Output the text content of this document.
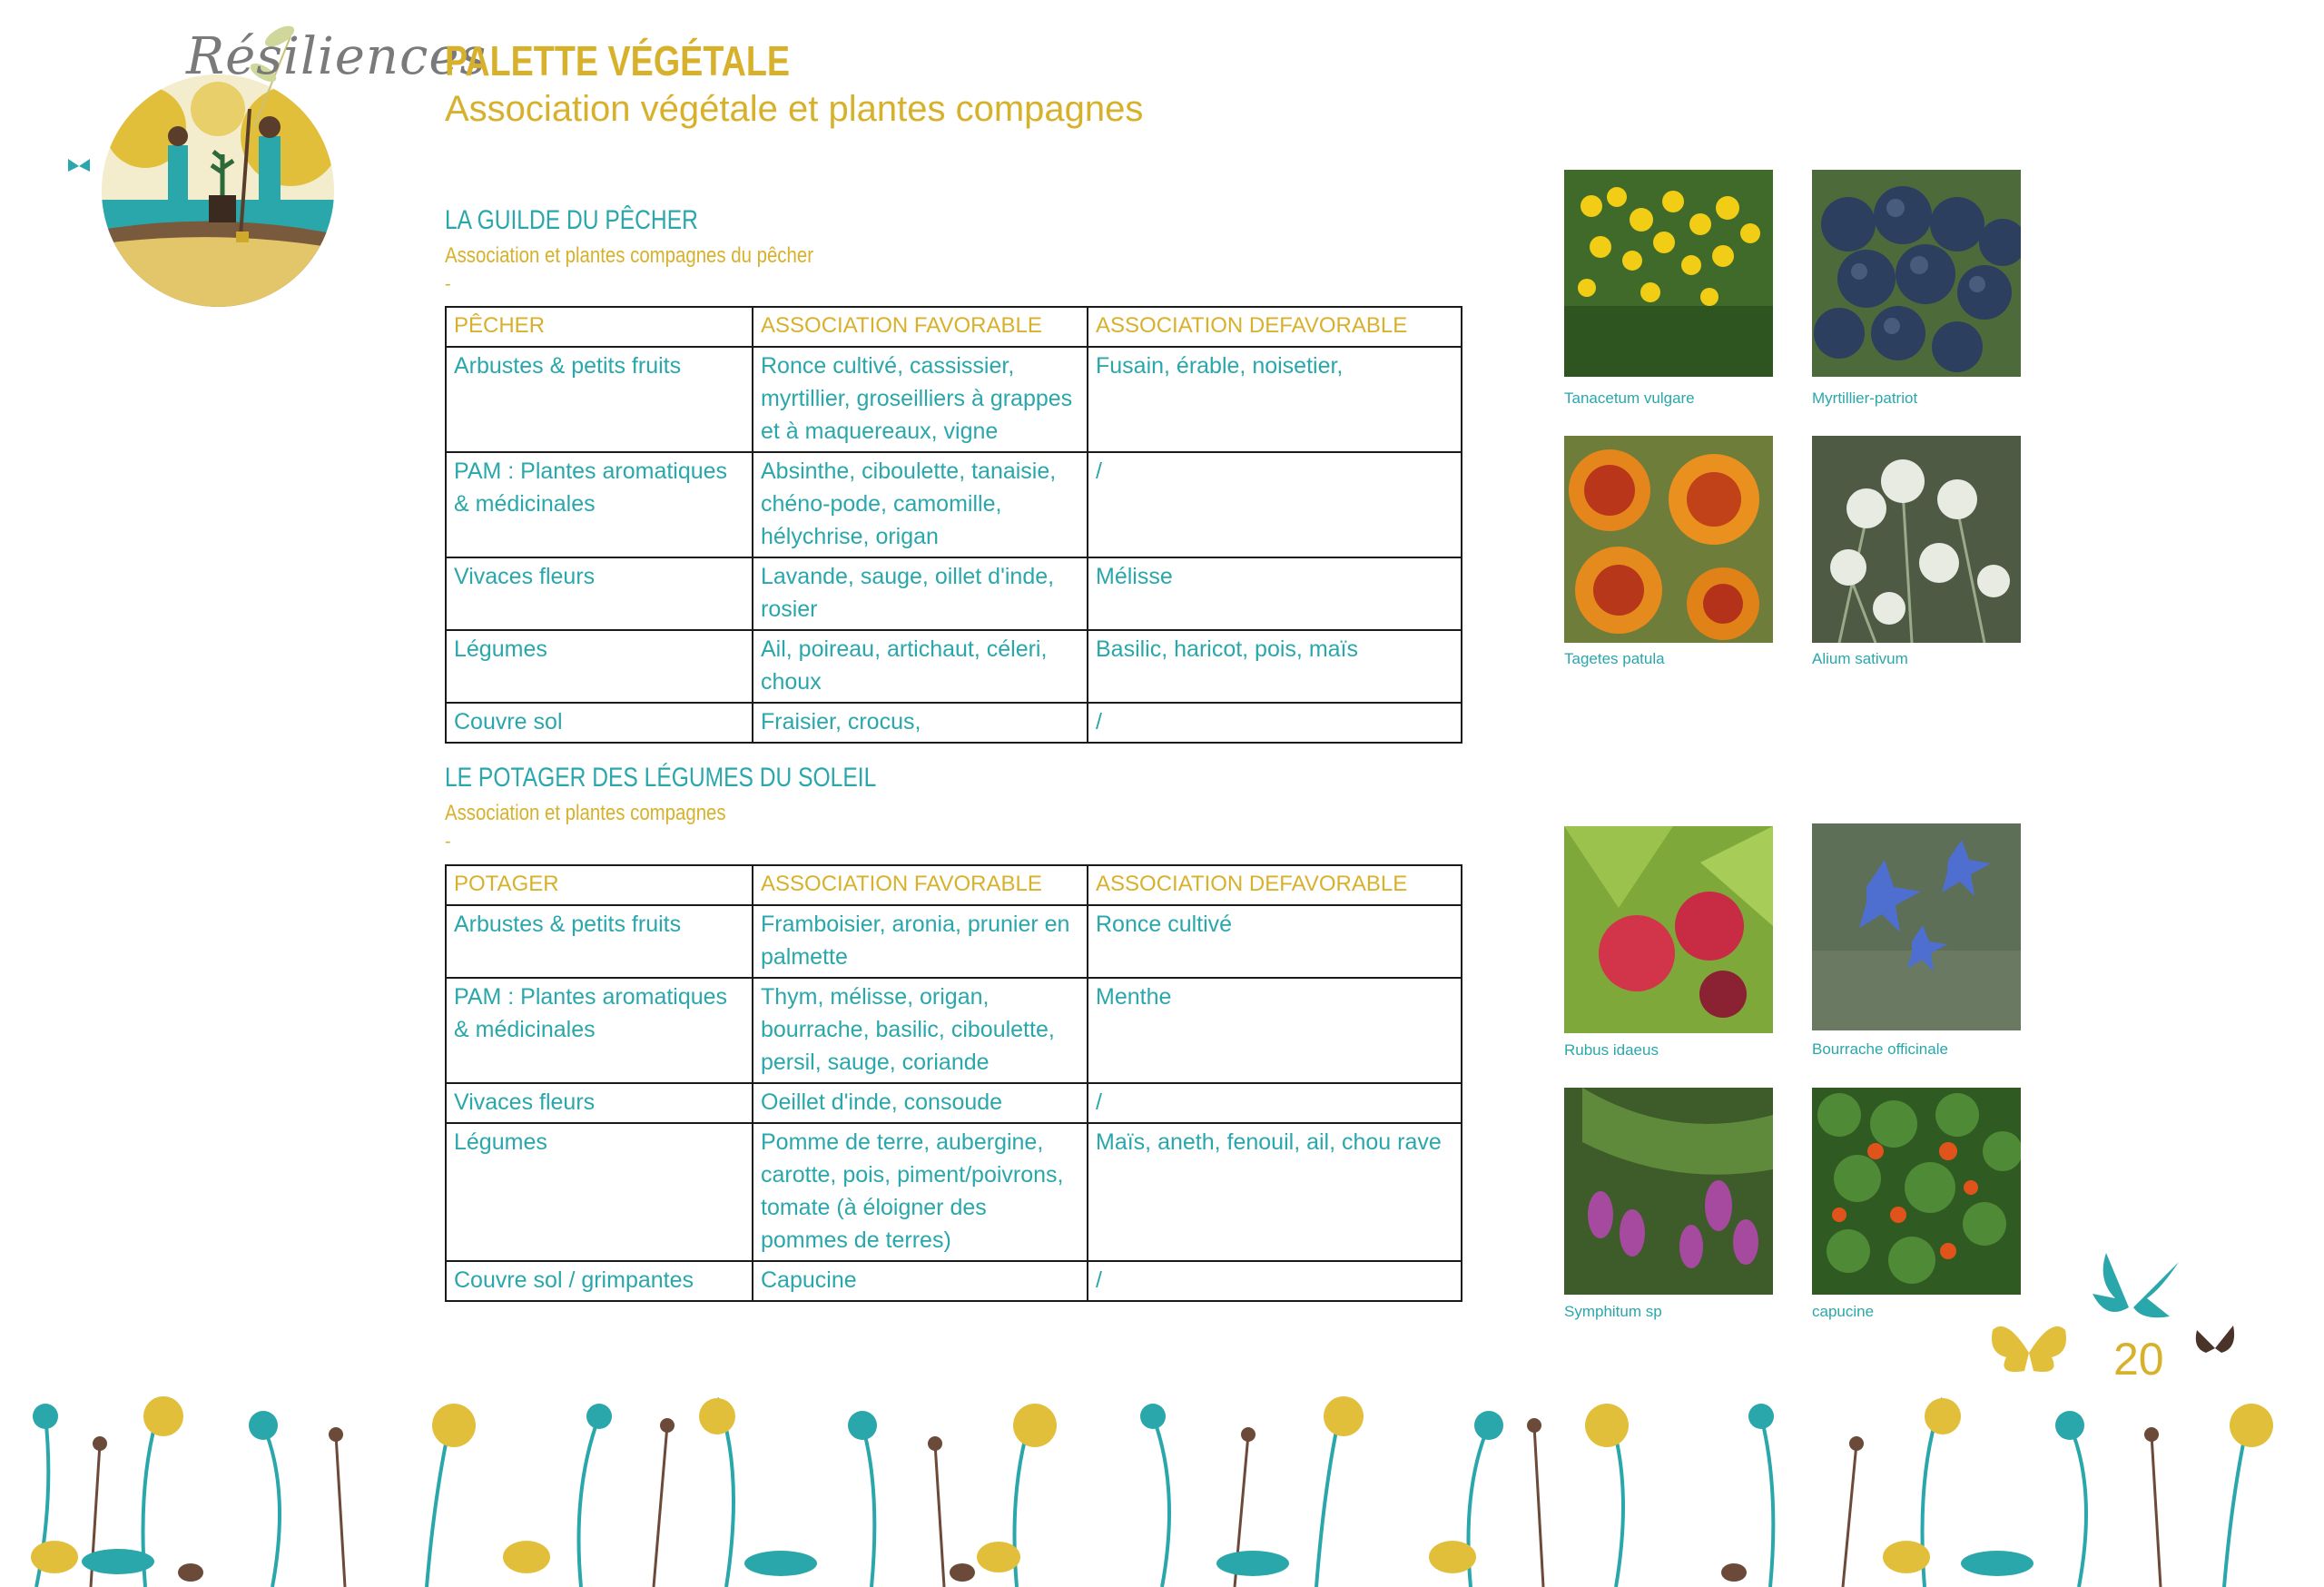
Résiliences
PALETTE VÉGÉTALE
Association végétale et plantes compagnes
LA GUILDE DU PÊCHER
Association et plantes compagnes du pêcher
-
PÊCHER	ASSOCIATION FAVORABLE	ASSOCIATION DEFAVORABLE
Arbustes & petits fruits	Ronce cultivé, cassissier, myrtillier, groseilliers à grappes et à maquereaux, vigne	Fusain, érable, noisetier,
PAM : Plantes aromatiques & médicinales	Absinthe, ciboulette, tanaisie, chéno-pode, camomille, hélychrise, origan	/
Vivaces fleurs	Lavande, sauge, oillet d'inde, rosier	Mélisse
Légumes	Ail, poireau, artichaut, céleri, choux	Basilic, haricot, pois, maïs
Couvre sol	Fraisier, crocus,	/
LE POTAGER DES LÉGUMES DU SOLEIL
Association et plantes compagnes
-
POTAGER	ASSOCIATION FAVORABLE	ASSOCIATION DEFAVORABLE
Arbustes & petits fruits	Framboisier, aronia, prunier en palmette	Ronce cultivé
PAM : Plantes aromatiques & médicinales	Thym, mélisse, origan, bourrache, basilic, ciboulette, persil, sauge, coriande	Menthe
Vivaces fleurs	Oeillet d'inde, consoude	/
Légumes	Pomme de terre, aubergine, carotte, pois, piment/poivrons, tomate (à éloigner des pommes de terres)	Maïs, aneth, fenouil, ail, chou rave
Couvre sol / grimpantes	Capucine	/
Tanacetum vulgare	Myrtillier-patriot
Tagetes patula	Alium sativum
Rubus idaeus	Bourrache officinale
Symphitum sp	capucine
20
